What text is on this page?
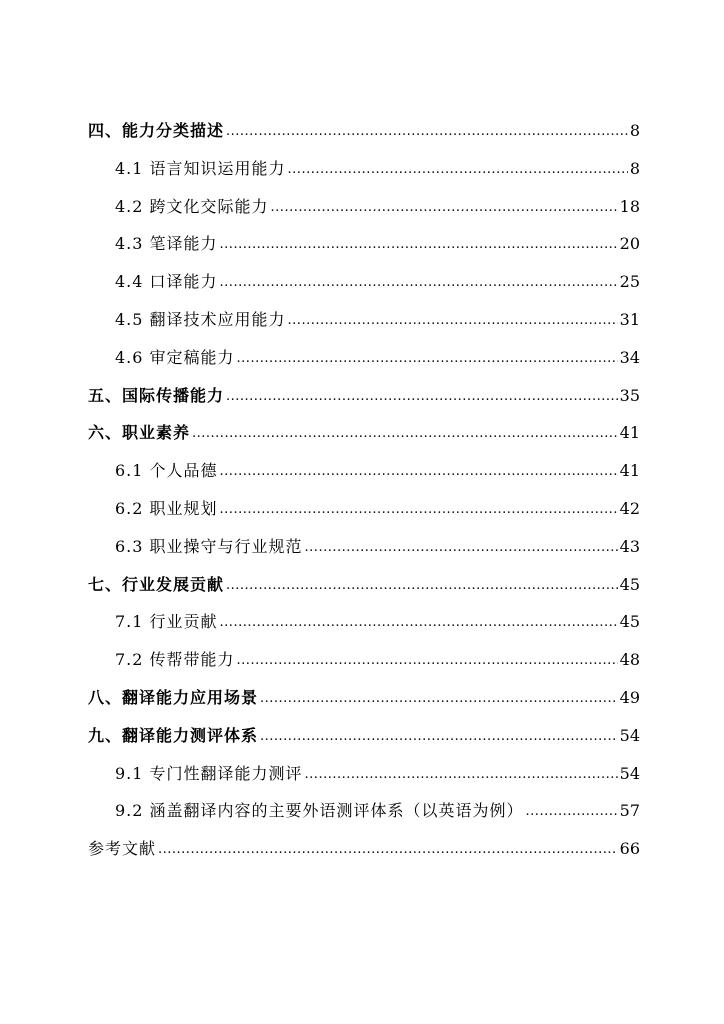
四、能力分类描述 .....	8
4.1 语言知识运用能力 .....	8
4.2 跨文化交际能力 .....	18
4.3 笔译能力 .....	20
4.4 口译能力 .....	25
4.5 翻译技术应用能力 .....	31
4.6 审定稿能力 .....	34
五、国际传播能力 .....	35
六、职业素养 .....	41
6.1 个人品德 .....	41
6.2 职业规划 .....	42
6.3 职业操守与行业规范 .....	43
七、行业发展贡献 .....	45
7.1 行业贡献 .....	45
7.2 传帮带能力 .....	48
八、翻译能力应用场景 .....	49
九、翻译能力测评体系 .....	54
9.1 专门性翻译能力测评 .....	54
9.2 涵盖翻译内容的主要外语测评体系（以英语为例） .....	57
参考文献 .....	66
